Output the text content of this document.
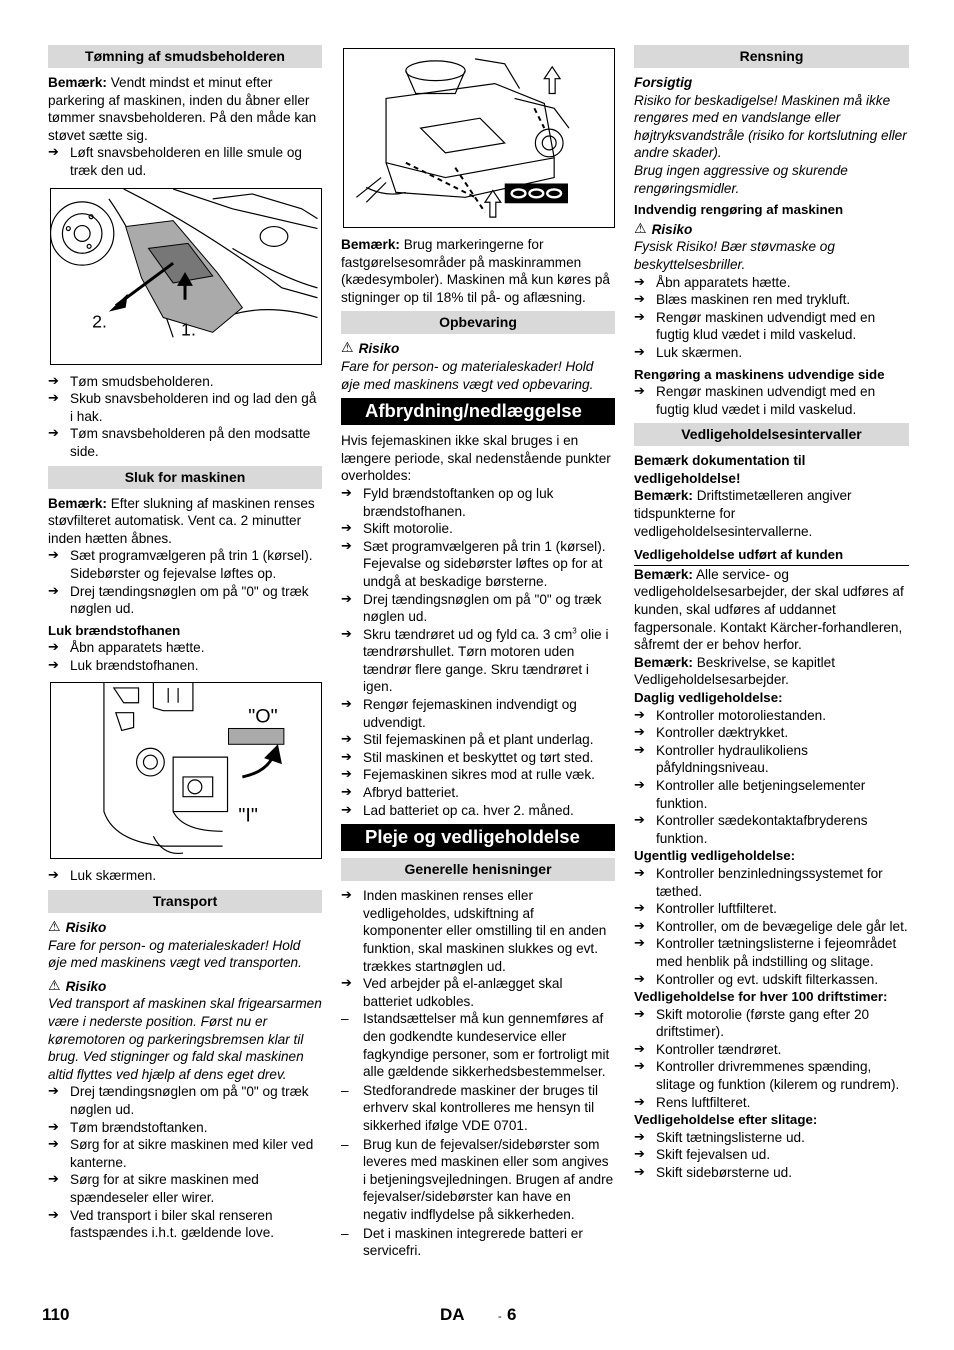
Tømning af smudsbeholderen

Bemærk: Vendt mindst et minut efter parkering af maskinen, inden du åbner eller tømmer snavsbeholderen. På den måde kan støvet sætte sig.

➔ Løft snavsbeholderen en lille smule og træk den ud.
2.	1.
➔ Tøm smudsbeholderen.
➔ Skub snavsbeholderen ind og lad den gå i hak.
➔ Tøm snavsbeholderen på den modsatte side.
Sluk for maskinen

Bemærk: Efter slukning af maskinen renses støvfilteret automatisk. Vent ca. 2 minutter inden hætten åbnes.

➔ Sæt programvælgeren på trin 1 (kørsel). Sidebørster og fejevalse løftes op.
➔ Drej tændingsnøglen om på "0" og træk nøglen ud.

Luk brændstofhanen

➔ Åbn apparatets hætte.
➔ Luk brændstofhanen.
"O"
"I"
➔ Luk skærmen.
Transport

⚠ Risiko

Fare for person- og materialeskader! Hold øje med maskinens vægt ved transporten.

⚠ Risiko

Ved transport af maskinen skal frigearsarmen være i nederste position. Først nu er køremotoren og parkeringsbremsen klar til brug. Ved stigninger og fald skal maskinen altid flyttes ved hjælp af dens eget drev.

➔ Drej tændingsnøglen om på "0" og træk nøglen ud.
➔ Tøm brændstoftanken.
➔ Sørg for at sikre maskinen med kiler ved kanterne.
➔ Sørg for at sikre maskinen med spændeseler eller wirer.
➔ Ved transport i biler skal renseren fastspændes i.h.t. gældende love.

Bemærk: Brug markeringerne for fastgørelsesområder på maskinrammen (kædesymboler). Maskinen må kun køres på stigninger op til 18% til på- og aflæsning.

Opbevaring

⚠ Risiko

Fare for person- og materialeskader! Hold øje med maskinens vægt ved opbevaring.

Afbrydning/nedlæggelse

Hvis fejemaskinen ikke skal bruges i en længere periode, skal nedenstående punkter overholdes:

➔ Fyld brændstoftanken op og luk brændstofhanen.
➔ Skift motorolie.
➔ Sæt programvælgeren på trin 1 (kørsel). Fejevalse og sidebørster løftes op for at undgå at beskadige børsterne.
➔ Drej tændingsnøglen om på "0" og træk nøglen ud.
➔ Skru tændrøret ud og fyld ca. 3 $cm^3$ olie i tændrørshullet. Tørn motoren uden tændrør flere gange. Skru tændrøret i igen.
➔ Rengør fejemaskinen indvendigt og udvendigt.
➔ Stil fejemaskinen på et plant underlag.
➔ Stil maskinen et beskyttet og tørt sted.
➔ Fejemaskinen sikres mod at rulle væk.
➔ Afbryd batteriet.
➔ Lad batteriet op ca. hver 2. måned.
Pleje og vedligeholdelse
Generelle henisninger
➔ Inden maskinen renses eller vedligeholdes, udskiftning af komponenter eller omstilling til en anden funktion, skal maskinen slukkes og evt. trækkes startnøglen ud.
➔ Ved arbejder på el-anlægget skal batteriet udkobles.
– Istandsættelser må kun gennemføres af den godkendte kundeservice eller fagkyndige personer, som er fortroligt mit alle gældende sikkerhedsbestemmelser.
– Stedforandrede maskiner der bruges til erhverv skal kontrolleres me hensyn til sikkerhed ifølge VDE 0701.
– Brug kun de fejevalser/sidebørster som leveres med maskinen eller som angives i betjeningsvejledningen. Brugen af andre fejevalser/sidebørster kan have en negativ indflydelse på sikkerheden.
– Det i maskinen integrerede batteri er servicefri.
Rensning

Forsigtig

Risiko for beskadigelse! Maskinen må ikke rengøres med en vandslange eller højtryksvandstråle (risiko for kortslutning eller andre skader).

Brug ingen aggressive og skurende rengøringsmidler.

Indvendig rengøring af maskinen

⚠ Risiko

Fysisk Risiko! Bær støvmaske og beskyttelsesbriller.

➔ Åbn apparatets hætte.
➔ Blæs maskinen ren med trykluft.
➔ Rengør maskinen udvendigt med en fugtig klud vædet i mild vaskelud.
➔ Luk skærmen.

Rengøring a maskinens udvendige side

➔ Rengør maskinen udvendigt med en fugtig klud vædet i mild vaskelud.
Vedligeholdelsesintervaller

Bemærk dokumentation til vedligeholdelse!

Bemærk: Driftstimetælleren angiver tidspunkterne for vedligeholdelsesintervallerne.

Vedligeholdelse udført af kunden

Bemærk: Alle service- og vedligeholdelsesarbejder, der skal udføres af kunden, skal udføres af uddannet fagpersonale. Kontakt Kärcher-forhandleren, såfremt der er behov herfor.

Bemærk: Beskrivelse, se kapitlet Vedligeholdelsesarbejder.

Daglig vedligeholdelse:

➔ Kontroller motoroliestanden.
➔ Kontroller dæktrykket.
➔ Kontroller hydraulikoliens påfyldningsniveau.
➔ Kontroller alle betjeningselementer funktion.
➔ Kontroller sædekontaktafbryderens funktion.

Ugentlig vedligeholdelse:

➔ Kontroller benzinledningssystemet for tæthed.
➔ Kontroller luftfilteret.
➔ Kontroller, om de bevægelige dele går let.
➔ Kontroller tætningslisterne i fejeområdet med henblik på indstilling og slitage.
➔ Kontroller og evt. udskift filterkassen.

Vedligeholdelse for hver 100 driftstimer:

➔ Skift motorolie (første gang efter 20 driftstimer).
➔ Kontroller tændrøret.
➔ Kontroller drivremmenes spænding, slitage og funktion (kilerem og rundrem).
➔ Rens luftfilteret.

Vedligeholdelse efter slitage:

➔ Skift tætningslisterne ud.
➔ Skift fejevalsen ud.
➔ Skift sidebørsterne ud.
110	DA	- 6
